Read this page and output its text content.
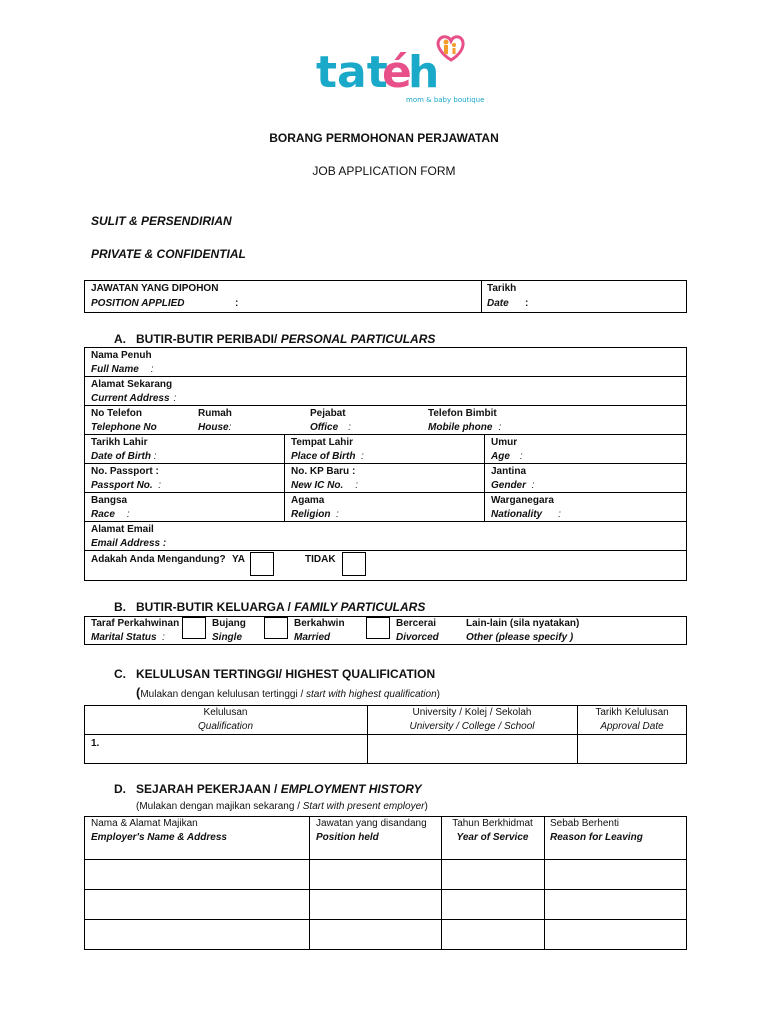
tat
é
h
mom & baby boutique
BORANG PERMOHONAN PERJAWATAN
JOB APPLICATION FORM
SULIT & PERSENDIRIAN
PRIVATE & CONFIDENTIAL
JAWATAN YANG DIPOHON
POSITION APPLIED	:
Tarikh
Date :
A. BUTIR-BUTIR PERIBADI/ PERSONAL PARTICULARS
Nama Penuh
Full Name :
Alamat Sekarang
Current Address :
No Telefon
Telephone No
Rumah
House:
Pejabat
Office :
Telefon Bimbit
Mobile phone :
Tarikh Lahir
Date of Birth :
Tempat Lahir
Place of Birth  :
Umur
Age :
No. Passport :
Passport No.  :
No. KP Baru :
New IC No. :
Jantina
Gender  :
Bangsa
Race :
Agama
Religion  :
Warganegara
Nationality :
Alamat Email
Email Address :
Adakah Anda Mengandung? YA	TIDAK
B. BUTIR-BUTIR KELUARGA / FAMILY PARTICULARS
Taraf Perkahwinan
Marital Status  :
Bujang
Single
Berkahwin
Married
Bercerai
Divorced
Lain-lain (sila nyatakan)
Other (please specify )
C. KELULUSAN TERTINGGI/ HIGHEST QUALIFICATION
(Mulakan dengan kelulusan tertinggi / start with highest qualification)
Kelulusan
Qualification
University / Kolej / Sekolah
University / College / School
Tarikh Kelulusan
Approval Date
1.
D. SEJARAH PEKERJAAN / EMPLOYMENT HISTORY
(Mulakan dengan majikan sekarang / Start with present employer)
Nama & Alamat Majikan
Employer's Name & Address
Jawatan yang disandang
Position held
Tahun Berkhidmat
Year of Service
Sebab Berhenti
Reason for Leaving
